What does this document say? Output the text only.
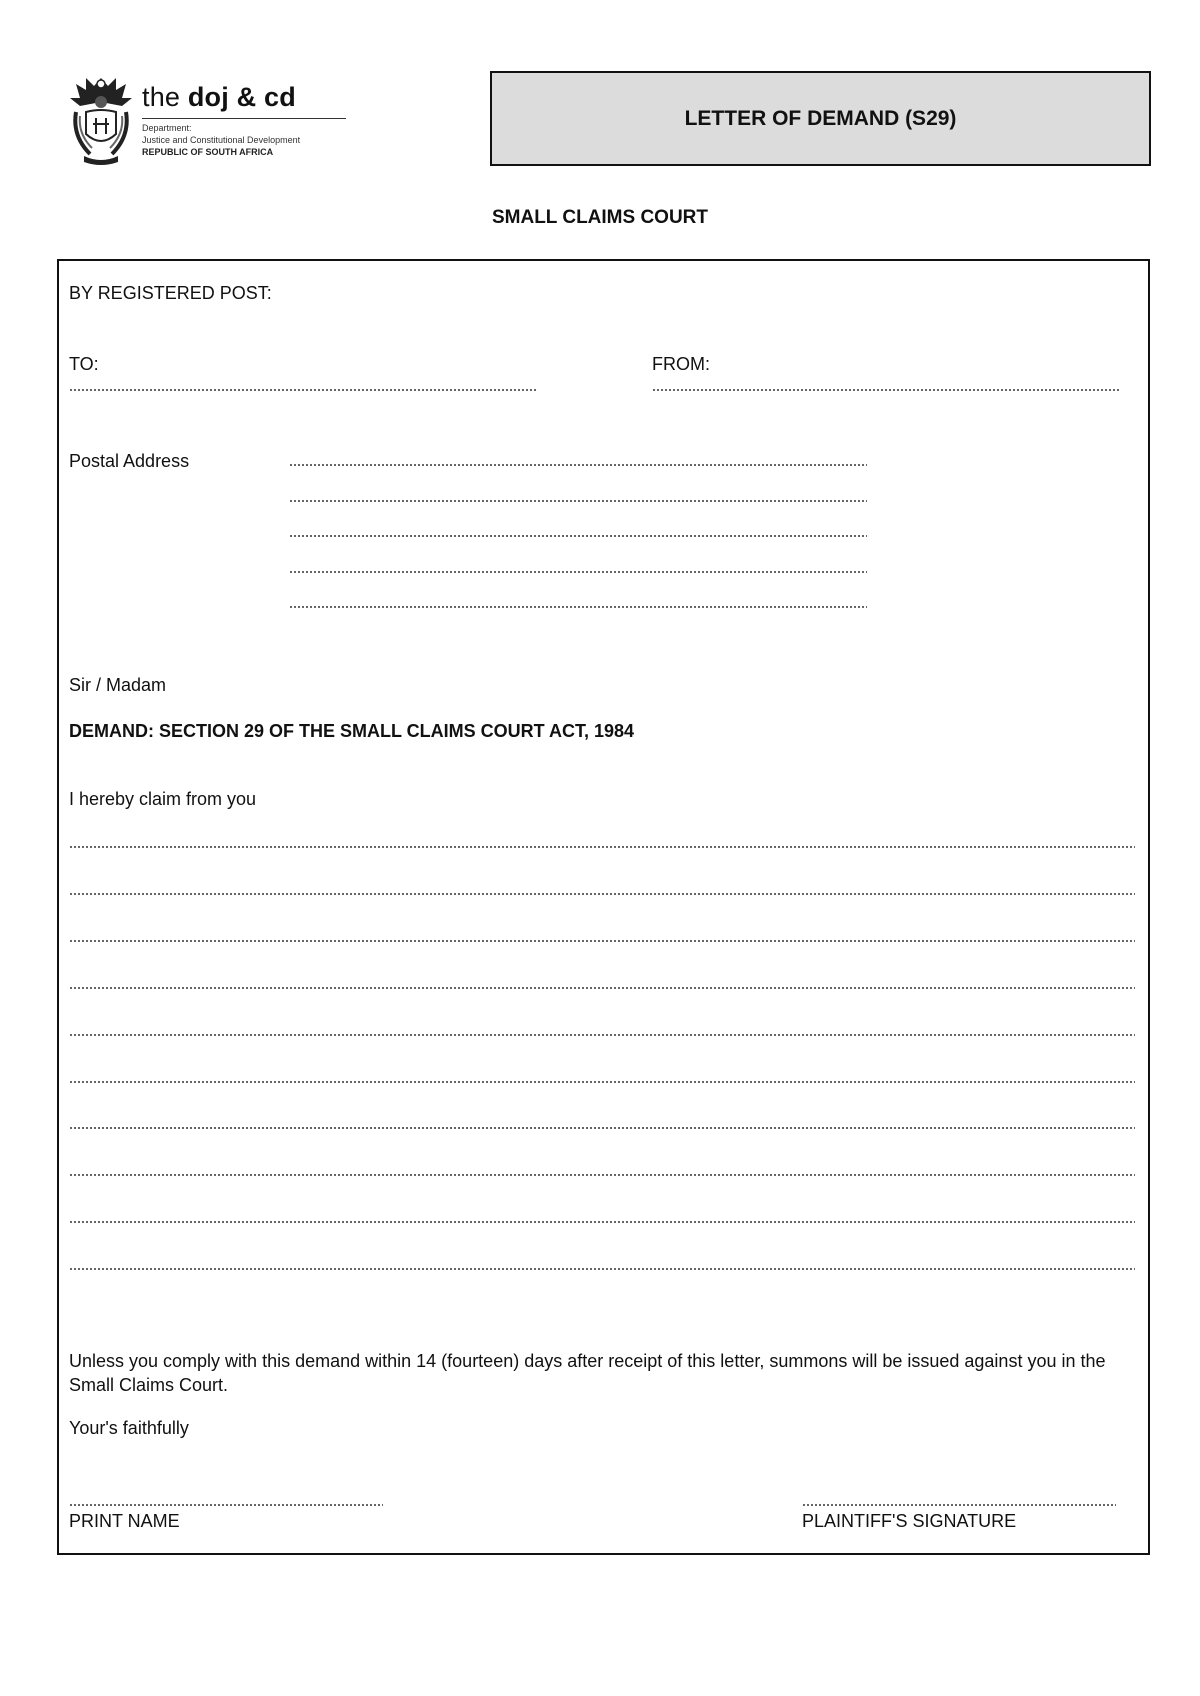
the doj & cd
Department:
Justice and Constitutional Development
REPUBLIC OF SOUTH AFRICA
LETTER OF DEMAND (S29)
SMALL CLAIMS COURT
BY REGISTERED POST:
TO:	FROM:
Postal Address
Sir / Madam
DEMAND: SECTION 29 OF THE SMALL CLAIMS COURT ACT, 1984
I hereby claim from you
Unless you comply with this demand within 14 (fourteen) days after receipt of this letter, summons will be issued against you in the Small Claims Court.
Your's faithfully
PRINT NAME	PLAINTIFF'S SIGNATURE
